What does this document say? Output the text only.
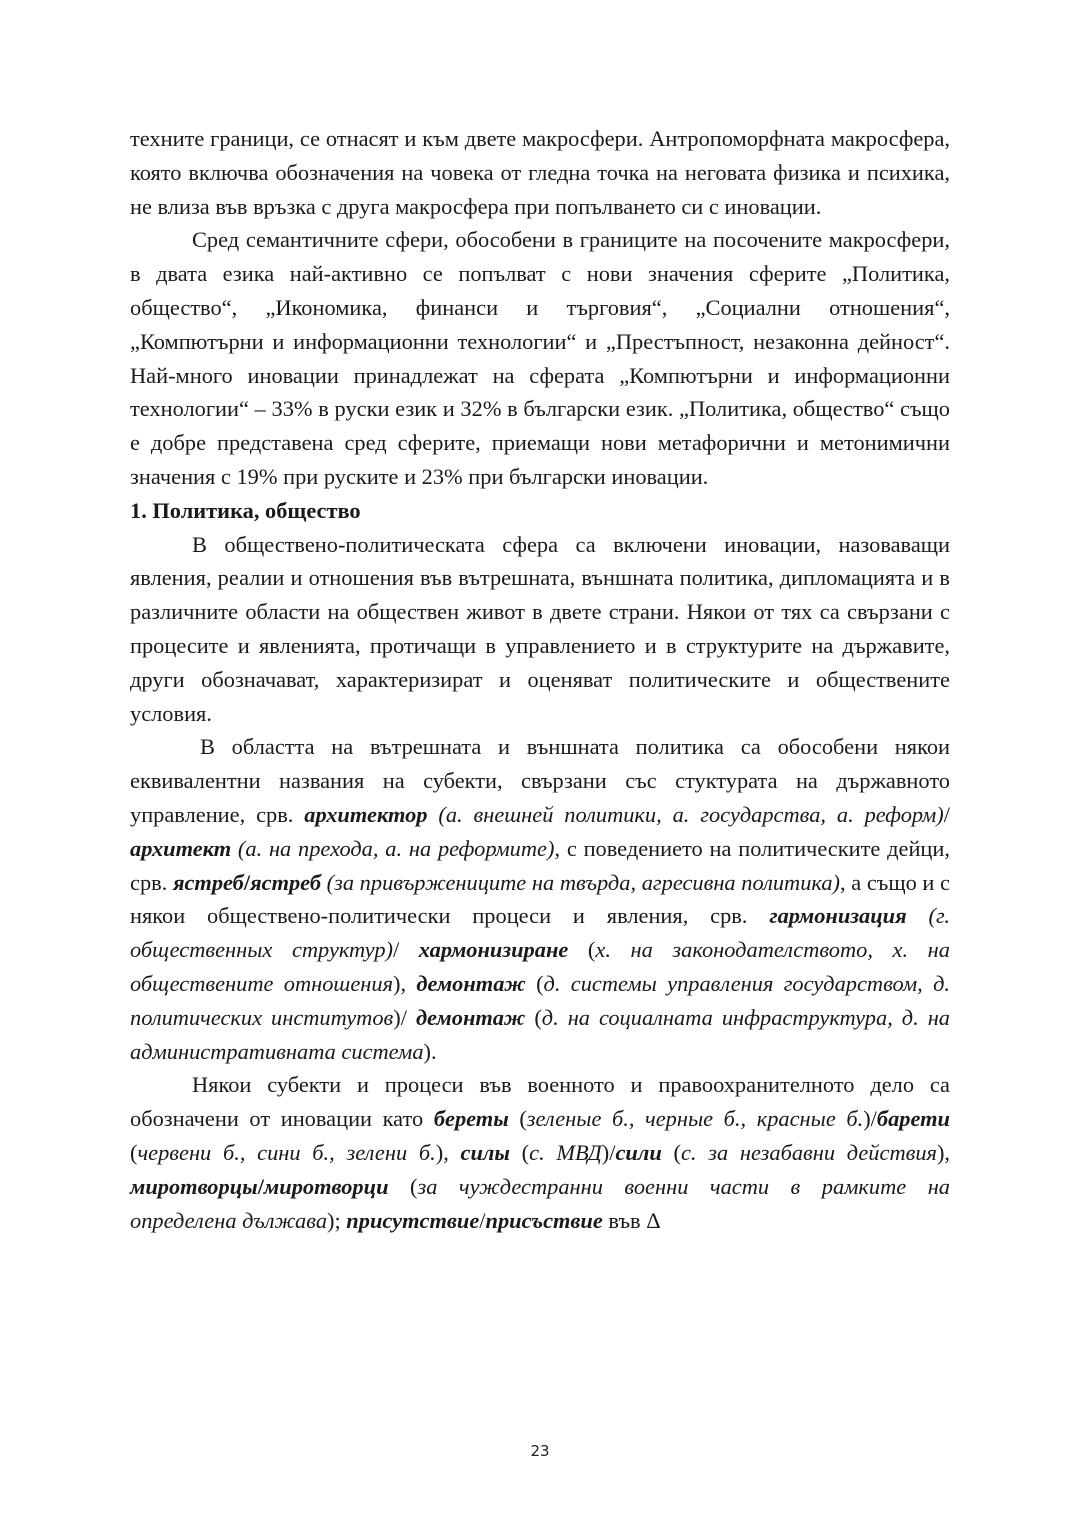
техните граници, се отнасят и към двете макросфери. Антропоморфната макросфера, която включва обозначения на човека от гледна точка на неговата физика и психика, не влиза във връзка с друга макросфера при попълването си с иновации.

Сред семантичните сфери, обособени в границите на посочените макросфери, в двата езика най-активно се попълват с нови значения сферите „Политика, общество“, „Икономика, финанси и търговия“, „Социални отношения“, „Компютърни и информационни технологии“ и „Престъпност, незаконна дейност“. Най-много иновации принадлежат на сферата „Компютърни и информационни технологии“ – 33% в руски език и 32% в български език. „Политика, общество“ също е добре представена сред сферите, приемащи нови метафорични и метонимични значения с 19% при руските и 23% при български иновации.

1. Политика, общество

В обществено-политическата сфера са включени иновации, назоваващи явления, реалии и отношения във вътрешната, външната политика, дипломацията и в различните области на обществен живот в двете страни. Някои от тях са свързани с процесите и явленията, протичащи в управлението и в структурите на държавите, други обозначават, характеризират и оценяват политическите и обществените условия.

В областта на вътрешната и външната политика са обособени някои еквивалентни названия на субекти, свързани със стуктурата на държавното управление, срв. архитектор (а. внешней политики, а. государства, а. реформ)/архитект (а. на прехода, а. на реформите), с поведението на политическите дейци, срв. ястреб/ястреб (за привържениците на твърда, агресивна политика), а също и с някои обществено-политически процеси и явления, срв. гармонизация (г. общественных структур)/ хармонизиране (х. на законодателството, х. на обществените отношения), демонтаж (д. системы управления государством, д. политических институтов)/ демонтаж (д. на социалната инфраструктура, д. на административната система).

Някои субекти и процеси във военното и правоохранителното дело са обозначени от иновации като береты (зеленые б., черные б., красные б.)/барети (червени б., сини б., зелени б.), силы (с. МВД)/сили (с. за незабавни действия), миротворцы/миротворци (за чуждестранни военни части в рамките на определена дължава); присутствие/присъствие във Δ

23
